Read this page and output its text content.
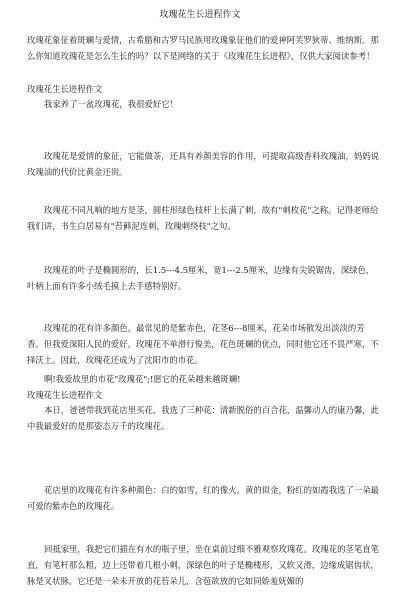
玫瑰花生长进程作文

玫瑰花象征着斑斓与爱情，古希腊和古罗马民族用玫瑰象征他们的爱神阿芙罗狄蒂、维纳斯。那么你知道玫瑰花是怎么生长的吗？以下是网络的关于《玫瑰花生长进程》，仅供大家阅读参考！

玫瑰花生长进程作文

我家养了一盆玫瑰花，我很爱好它！

玫瑰花是爱情的象征，它能做茶，还具有养颜美容的作用，可提取高级香料玫瑰油，妈妈说玫瑰油的代价比黄金还贵。

玫瑰花不同凡响的地方是茎，圆柱形绿色枝杆上长满了刺，故有"刺枚花"之称。记得老师给我们讲，书生白居易有"苔藓泥连刺，玫瑰刺绕枝"之句。

玫瑰花的叶子是椭圆形的，长1.5---4.5厘米，宽1---2.5厘米，边缘有尖锐锯齿，深绿色，叶柄上面有许多小绒毛摸上去手感特别好。

玫瑰花的花有许多颜色，最常见的是紫赤色，花茎6---8厘米，花朵市场散发出淡淡的芳香。但我爱深阳人民的爱好。玫瑰花不单滑行俊美，花色斑斓的优点，同时他它还不畏严寒，不择沃土。因此，玫瑰花还成为了沈阳市的市花。

啊!我爱故里的市花"玫瑰花";!愿它的花朵越来越斑斓!

玫瑰花生长进程作文

本日，爸爸带我到花店里买花，我选了三种花：清新脱俗的百合花，温馨动人的康乃馨，此中我最爱好的是那姿态万千的玫瑰花。

花店里的玫瑰花有许多种颜色：白的如雪，红的像火，黄的似金，粉红的如霞我选了一朵最可爱的紫赤色的玫瑰花。

回抵家里，我把它们插在有水的瓶子里，坐在桌前过细不雅观察玫瑰花。玫瑰花的茎笔直笔直，有笔杆那么粗，边上还带着几根小刺，深绿色的叶子是椭楼形，又软又滑，边缘成锯齿状，脉是叉状脉。它还是一朵未开放的花苔朵儿，含苞欲放的它如同娇羞妩媚的
